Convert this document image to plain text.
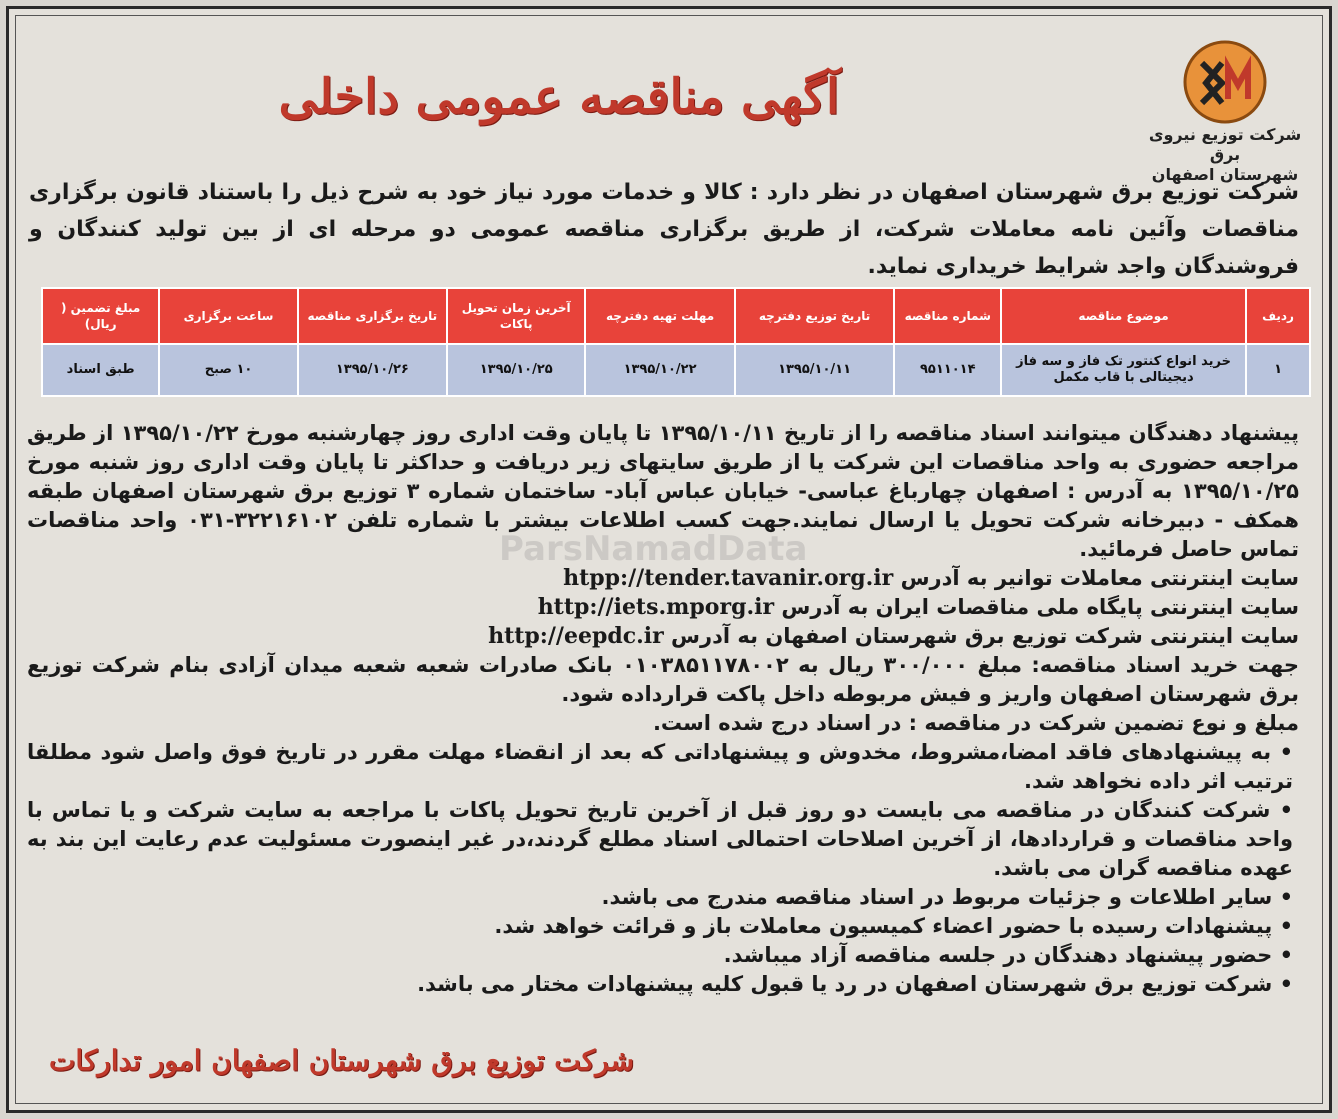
شرکت توزیع نیروی برق
شهرستان اصفهان
آگهی مناقصه عمومی داخلی
شرکت توزیع برق شهرستان اصفهان در نظر دارد : کالا و خدمات مورد نیاز خود به شرح ذیل را باستناد قانون برگزاری مناقصات وآئین نامه معاملات شرکت، از طریق برگزاری مناقصه عمومی دو مرحله ای از بین تولید کنندگان و فروشندگان واجد شرایط خریداری نماید.
ردیف	موضوع مناقصه	شماره مناقصه	تاریخ توزیع دفترچه	مهلت تهیه دفترچه	آخرین زمان تحویل پاکات	تاریخ برگزاری مناقصه	ساعت برگزاری	مبلغ تضمین ( ریال)
۱	خرید انواع کنتور تک فاز و سه فاز دیجیتالی با قاب مکمل	۹۵۱۱۰۱۴	۱۳۹۵/۱۰/۱۱	۱۳۹۵/۱۰/۲۲	۱۳۹۵/۱۰/۲۵	۱۳۹۵/۱۰/۲۶	۱۰ صبح	طبق اسناد
ParsNamadData

پیشنهاد دهندگان میتوانند اسناد مناقصه را از تاریخ ۱۳۹۵/۱۰/۱۱ تا پایان وقت اداری روز چهارشنبه مورخ ۱۳۹۵/۱۰/۲۲ از طریق مراجعه حضوری به واحد مناقصات این شرکت یا از طریق سایتهای زیر دریافت و حداکثر تا پایان وقت اداری روز شنبه مورخ ۱۳۹۵/۱۰/۲۵ به آدرس : اصفهان چهارباغ عباسی- خیابان عباس آباد- ساختمان شماره ۳ توزیع برق شهرستان اصفهان طبقه همکف - دبیرخانه شرکت تحویل یا ارسال نمایند.جهت کسب اطلاعات بیشتر با شماره تلفن ۳۲۲۱۶۱۰۲-۰۳۱ واحد مناقصات تماس حاصل فرمائید.

سایت اینترنتی معاملات توانیر به آدرس htpp://tender.tavanir.org.ir

سایت اینترنتی پایگاه ملی مناقصات ایران به آدرس http://iets.mporg.ir

سایت اینترنتی شرکت توزیع برق شهرستان اصفهان به آدرس http://eepdc.ir

جهت خرید اسناد مناقصه: مبلغ ۳۰۰/۰۰۰ ریال به ۰۱۰۳۸۵۱۱۷۸۰۰۲ بانک صادرات شعبه شعبه میدان آزادی بنام شرکت توزیع برق شهرستان اصفهان واریز و فیش مربوطه داخل پاکت قرارداده شود.

مبلغ و نوع تضمین شرکت در مناقصه : در اسناد درج شده است.

• به پیشنهادهای فاقد امضا،مشروط، مخدوش و پیشنهاداتی که بعد از انقضاء مهلت مقرر در تاریخ فوق واصل شود مطلقا ترتیب اثر داده نخواهد شد.

• شرکت کنندگان در مناقصه می بایست دو روز قبل از آخرین تاریخ تحویل پاکات با مراجعه به سایت شرکت و یا تماس با واحد مناقصات و قراردادها، از آخرین اصلاحات احتمالی اسناد مطلع گردند،در غیر اینصورت مسئولیت عدم رعایت این بند به عهده مناقصه گران می باشد.

• سایر اطلاعات و جزئیات مربوط در اسناد مناقصه مندرج می باشد.

• پیشنهادات رسیده با حضور اعضاء کمیسیون معاملات باز و قرائت خواهد شد.

• حضور پیشنهاد دهندگان در جلسه مناقصه آزاد میباشد.

• شرکت توزیع برق شهرستان اصفهان در رد یا قبول کلیه پیشنهادات مختار می باشد.

شرکت توزیع برق شهرستان اصفهان امور تدارکات
